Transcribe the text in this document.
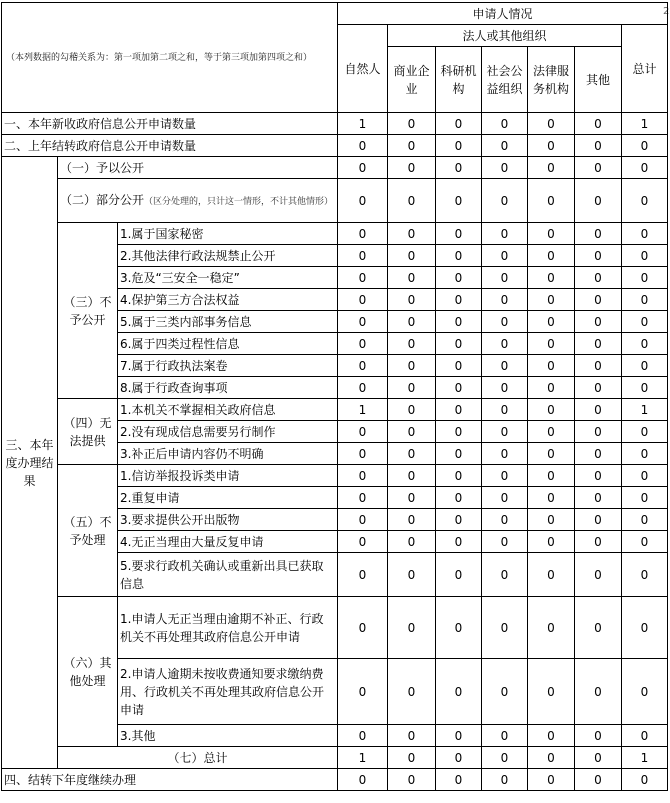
2
（本列数据的勾稽关系为：第一项加第二项之和，等于第三项加第四项之和）			申请人情况						
			自然人	法人或其他组织					总计
				商业企业	科研机构	社会公益组织	法律服务机构	其他	
一、本年新收政府信息公开申请数量			1	0	0	0	0	0	1
二、上年结转政府信息公开申请数量			0	0	0	0	0	0	0
三、本年度办理结果	（一）予以公开		0	0	0	0	0	0	0
	（二）部分公开（区分处理的，只计这一情形，不计其他情形）		0	0	0	0	0	0	0
	（三）不予公开	1.属于国家秘密	0	0	0	0	0	0	0
		2.其他法律行政法规禁止公开	0	0	0	0	0	0	0
		3.危及“三安全一稳定”	0	0	0	0	0	0	0
		4.保护第三方合法权益	0	0	0	0	0	0	0
		5.属于三类内部事务信息	0	0	0	0	0	0	0
		6.属于四类过程性信息	0	0	0	0	0	0	0
		7.属于行政执法案卷	0	0	0	0	0	0	0
		8.属于行政查询事项	0	0	0	0	0	0	0
	（四）无法提供	1.本机关不掌握相关政府信息	1	0	0	0	0	0	1
		2.没有现成信息需要另行制作	0	0	0	0	0	0	0
		3.补正后申请内容仍不明确	0	0	0	0	0	0	0
	（五）不予处理	1.信访举报投诉类申请	0	0	0	0	0	0	0
		2.重复申请	0	0	0	0	0	0	0
		3.要求提供公开出版物	0	0	0	0	0	0	0
		4.无正当理由大量反复申请	0	0	0	0	0	0	0
		5.要求行政机关确认或重新出具已获取信息	0	0	0	0	0	0	0
	（六）其他处理	1.申请人无正当理由逾期不补正、行政机关不再处理其政府信息公开申请	0	0	0	0	0	0	0
		2.申请人逾期未按收费通知要求缴纳费用、行政机关不再处理其政府信息公开申请	0	0	0	0	0	0	0
		3.其他	0	0	0	0	0	0	0
	（七）总计		1	0	0	0	0	0	1
四、结转下年度继续办理			0	0	0	0	0	0	0
